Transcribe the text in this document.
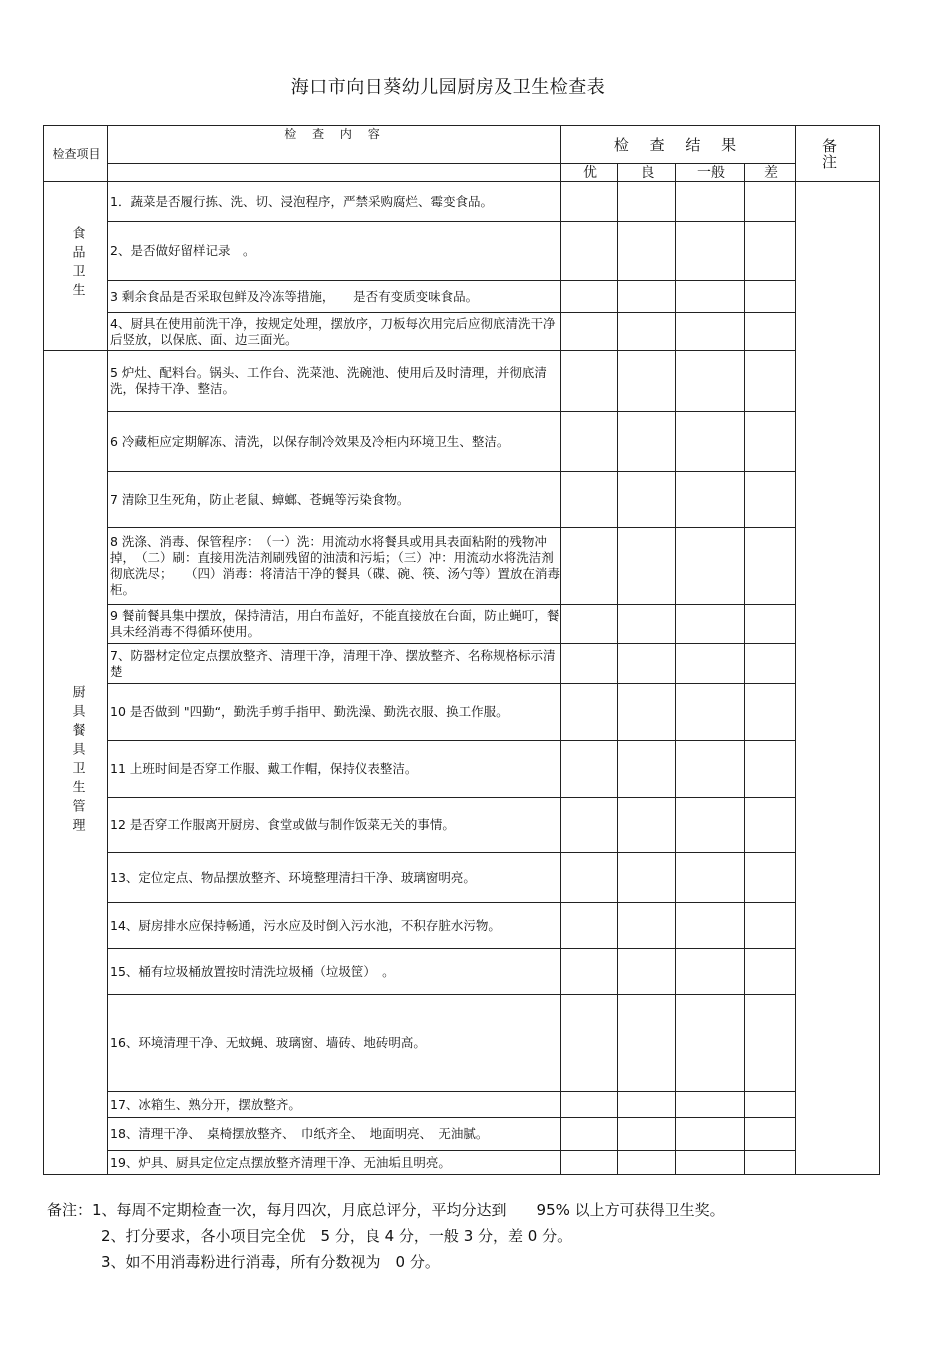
海口市向日葵幼儿园厨房及卫生检查表
检查项目	检 查 内 容	检 查 结 果				备 注
		优	良	一般	差	
食品卫生	1．蔬菜是否履行拣、洗、切、浸泡程序，严禁采购腐烂、霉变食品。					
	2、是否做好留样记录　。					
	3 剩余食品是否采取包鲜及冷冻等措施，　　是否有变质变味食品。					
	4、厨具在使用前洗干净，按规定处理，摆放序，刀板每次用完后应彻底清洗干净后竖放，以保底、面、边三面光。					
厨具餐具卫生管理	5 炉灶、配料台。锅头、工作台、洗菜池、洗碗池、使用后及时清理，并彻底清洗，保持干净、整洁。					
	6 冷藏柜应定期解冻、清洗，以保存制冷效果及冷柜内环境卫生、整洁。					
	7 清除卫生死角，防止老鼠、蟑螂、苍蝇等污染食物。					
	8 洗涤、消毒、保管程序：　（一）洗：用流动水将餐具或用具表面粘附的残物冲掉，　（二）刷：直接用洗洁剂刷残留的油渍和污垢；（三）冲：用流动水将洗洁剂彻底洗尽；　　（四）消毒：将清洁干净的餐具（碟、碗、筷、汤勺等）置放在消毒柜。					
	9 餐前餐具集中摆放，保持清洁，用白布盖好，不能直接放在台面，防止蝇叮，餐具未经消毒不得循环使用。					
	7、防器材定位定点摆放整齐、清理干净，清理干净、摆放整齐、名称规格标示清楚					
	10 是否做到 "四勤“，勤洗手剪手指甲、勤洗澡、勤洗衣服、换工作服。					
	11 上班时间是否穿工作服、戴工作帽，保持仪表整洁。					
	12 是否穿工作服离开厨房、食堂或做与制作饭菜无关的事情。					
	13、定位定点、物品摆放整齐、环境整理清扫干净、玻璃窗明亮。					
	14、厨房排水应保持畅通，污水应及时倒入污水池，不积存脏水污物。					
	15、桶有垃圾桶放置按时清洗垃圾桶（垃圾筐）　。					
	16、环境清理干净、无蚊蝇、玻璃窗、墙砖、地砖明高。					
	17、冰箱生、熟分开，摆放整齐。					
	18、清理干净、　桌椅摆放整齐、　巾纸齐全、　地面明亮、　无油腻。					
	19、炉具、厨具定位定点摆放整齐清理干净、无油垢且明亮。					
备注：1、每周不定期检查一次，每月四次，月底总评分，平均分达到　　95% 以上方可获得卫生奖。
2、打分要求，各小项目完全优　5 分，良 4 分，一般 3 分，差 0 分。
3、如不用消毒粉进行消毒，所有分数视为　0 分。
